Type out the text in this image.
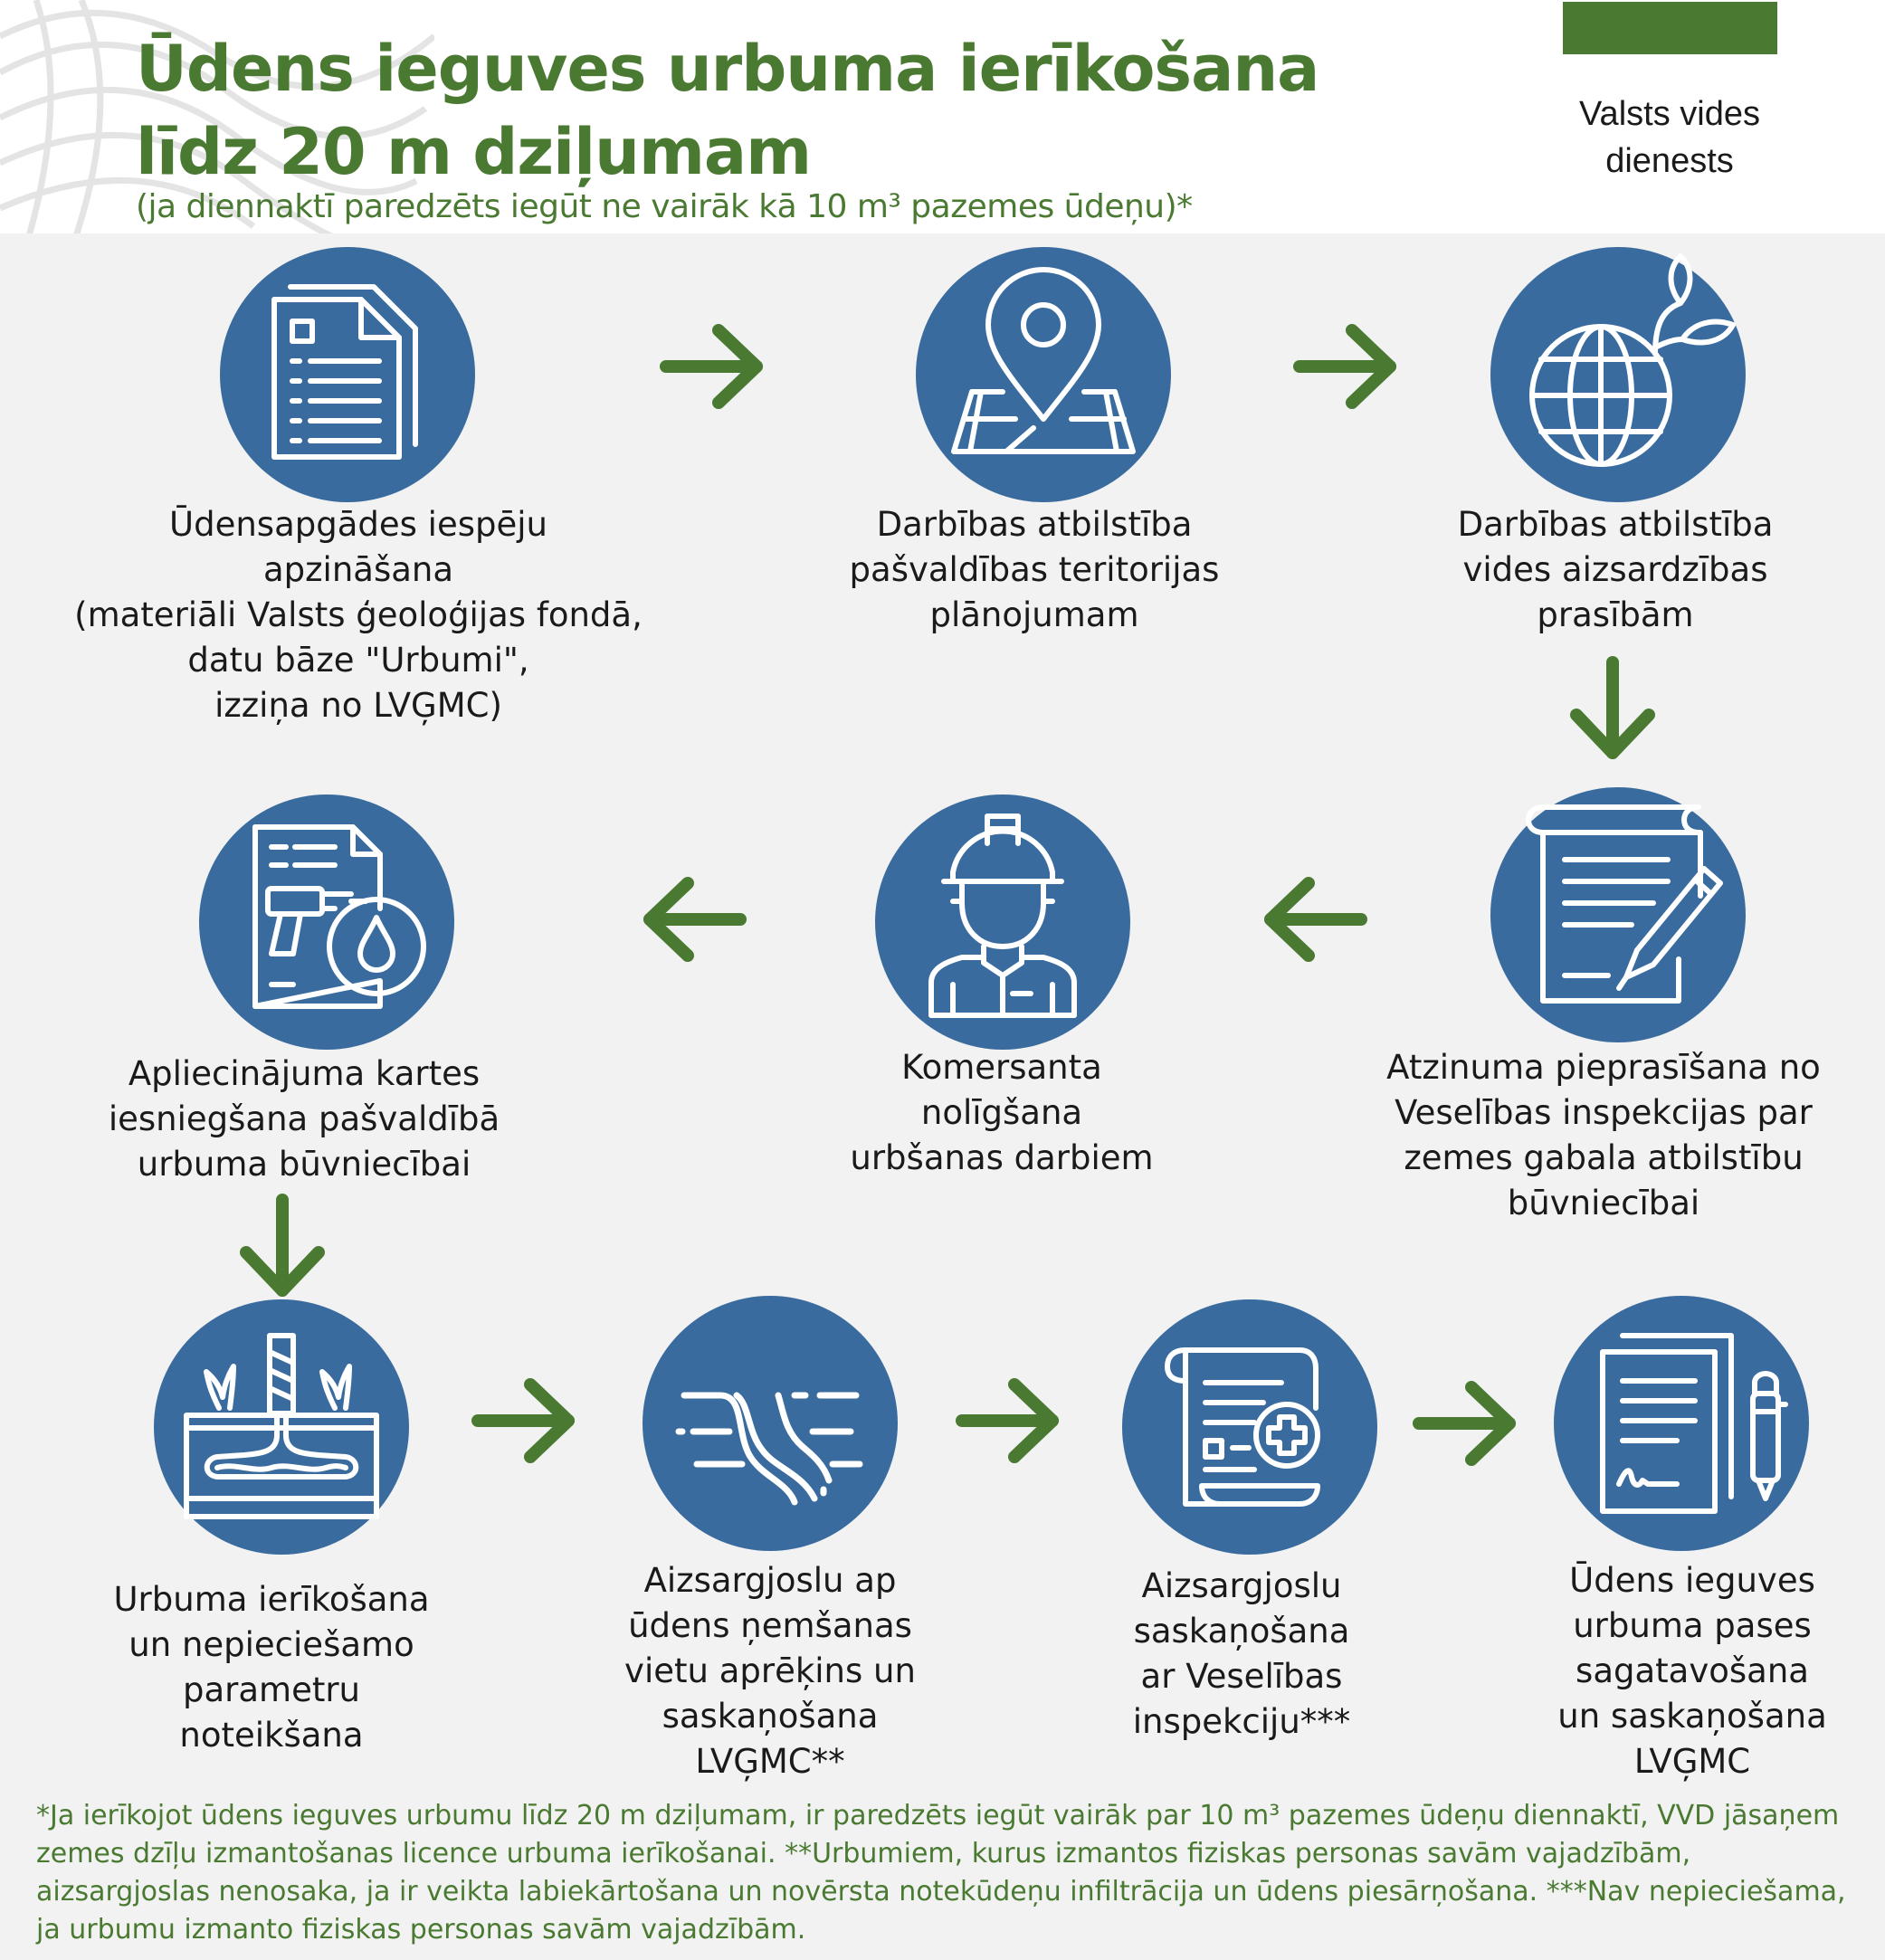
Ūdens ieguves urbuma ierīkošana
līdz 20 m dziļumam
(ja diennaktī paredzēts iegūt ne vairāk kā 10 m³ pazemes ūdeņu)*
Valsts vides
dienests
Ūdensapgādes iespēju
apzināšana
(materiāli Valsts ģeoloģijas fondā,
datu bāze "Urbumi",
izziņa no LVĢMC)
Darbības atbilstība
pašvaldības teritorijas
plānojumam
Darbības atbilstība
vides aizsardzības
prasībām
Apliecinājuma kartes
iesniegšana pašvaldībā
urbuma būvniecībai
Komersanta
nolīgšana
urbšanas darbiem
Atzinuma pieprasīšana no
Veselības inspekcijas par
zemes gabala atbilstību
būvniecībai
Urbuma ierīkošana
un nepieciešamo
parametru
noteikšana
Aizsargjoslu ap
ūdens ņemšanas
vietu aprēķins un
saskaņošana
LVĢMC**
Aizsargjoslu
saskaņošana
ar Veselības
inspekciju***
Ūdens ieguves
urbuma pases
sagatavošana
un saskaņošana
LVĢMC

*Ja ierīkojot ūdens ieguves urbumu līdz 20 m dziļumam, ir paredzēts iegūt vairāk par 10 m³ pazemes ūdeņu diennaktī, VVD jāsaņem zemes dzīļu izmantošanas licence urbuma ierīkošanai. **Urbumiem, kurus izmantos fiziskas personas savām vajadzībām, aizsargjoslas nenosaka, ja ir veikta labiekārtošana un novērsta notekūdeņu infiltrācija un ūdens piesārņošana. ***Nav nepieciešama, ja urbumu izmanto fiziskas personas savām vajadzībām.
